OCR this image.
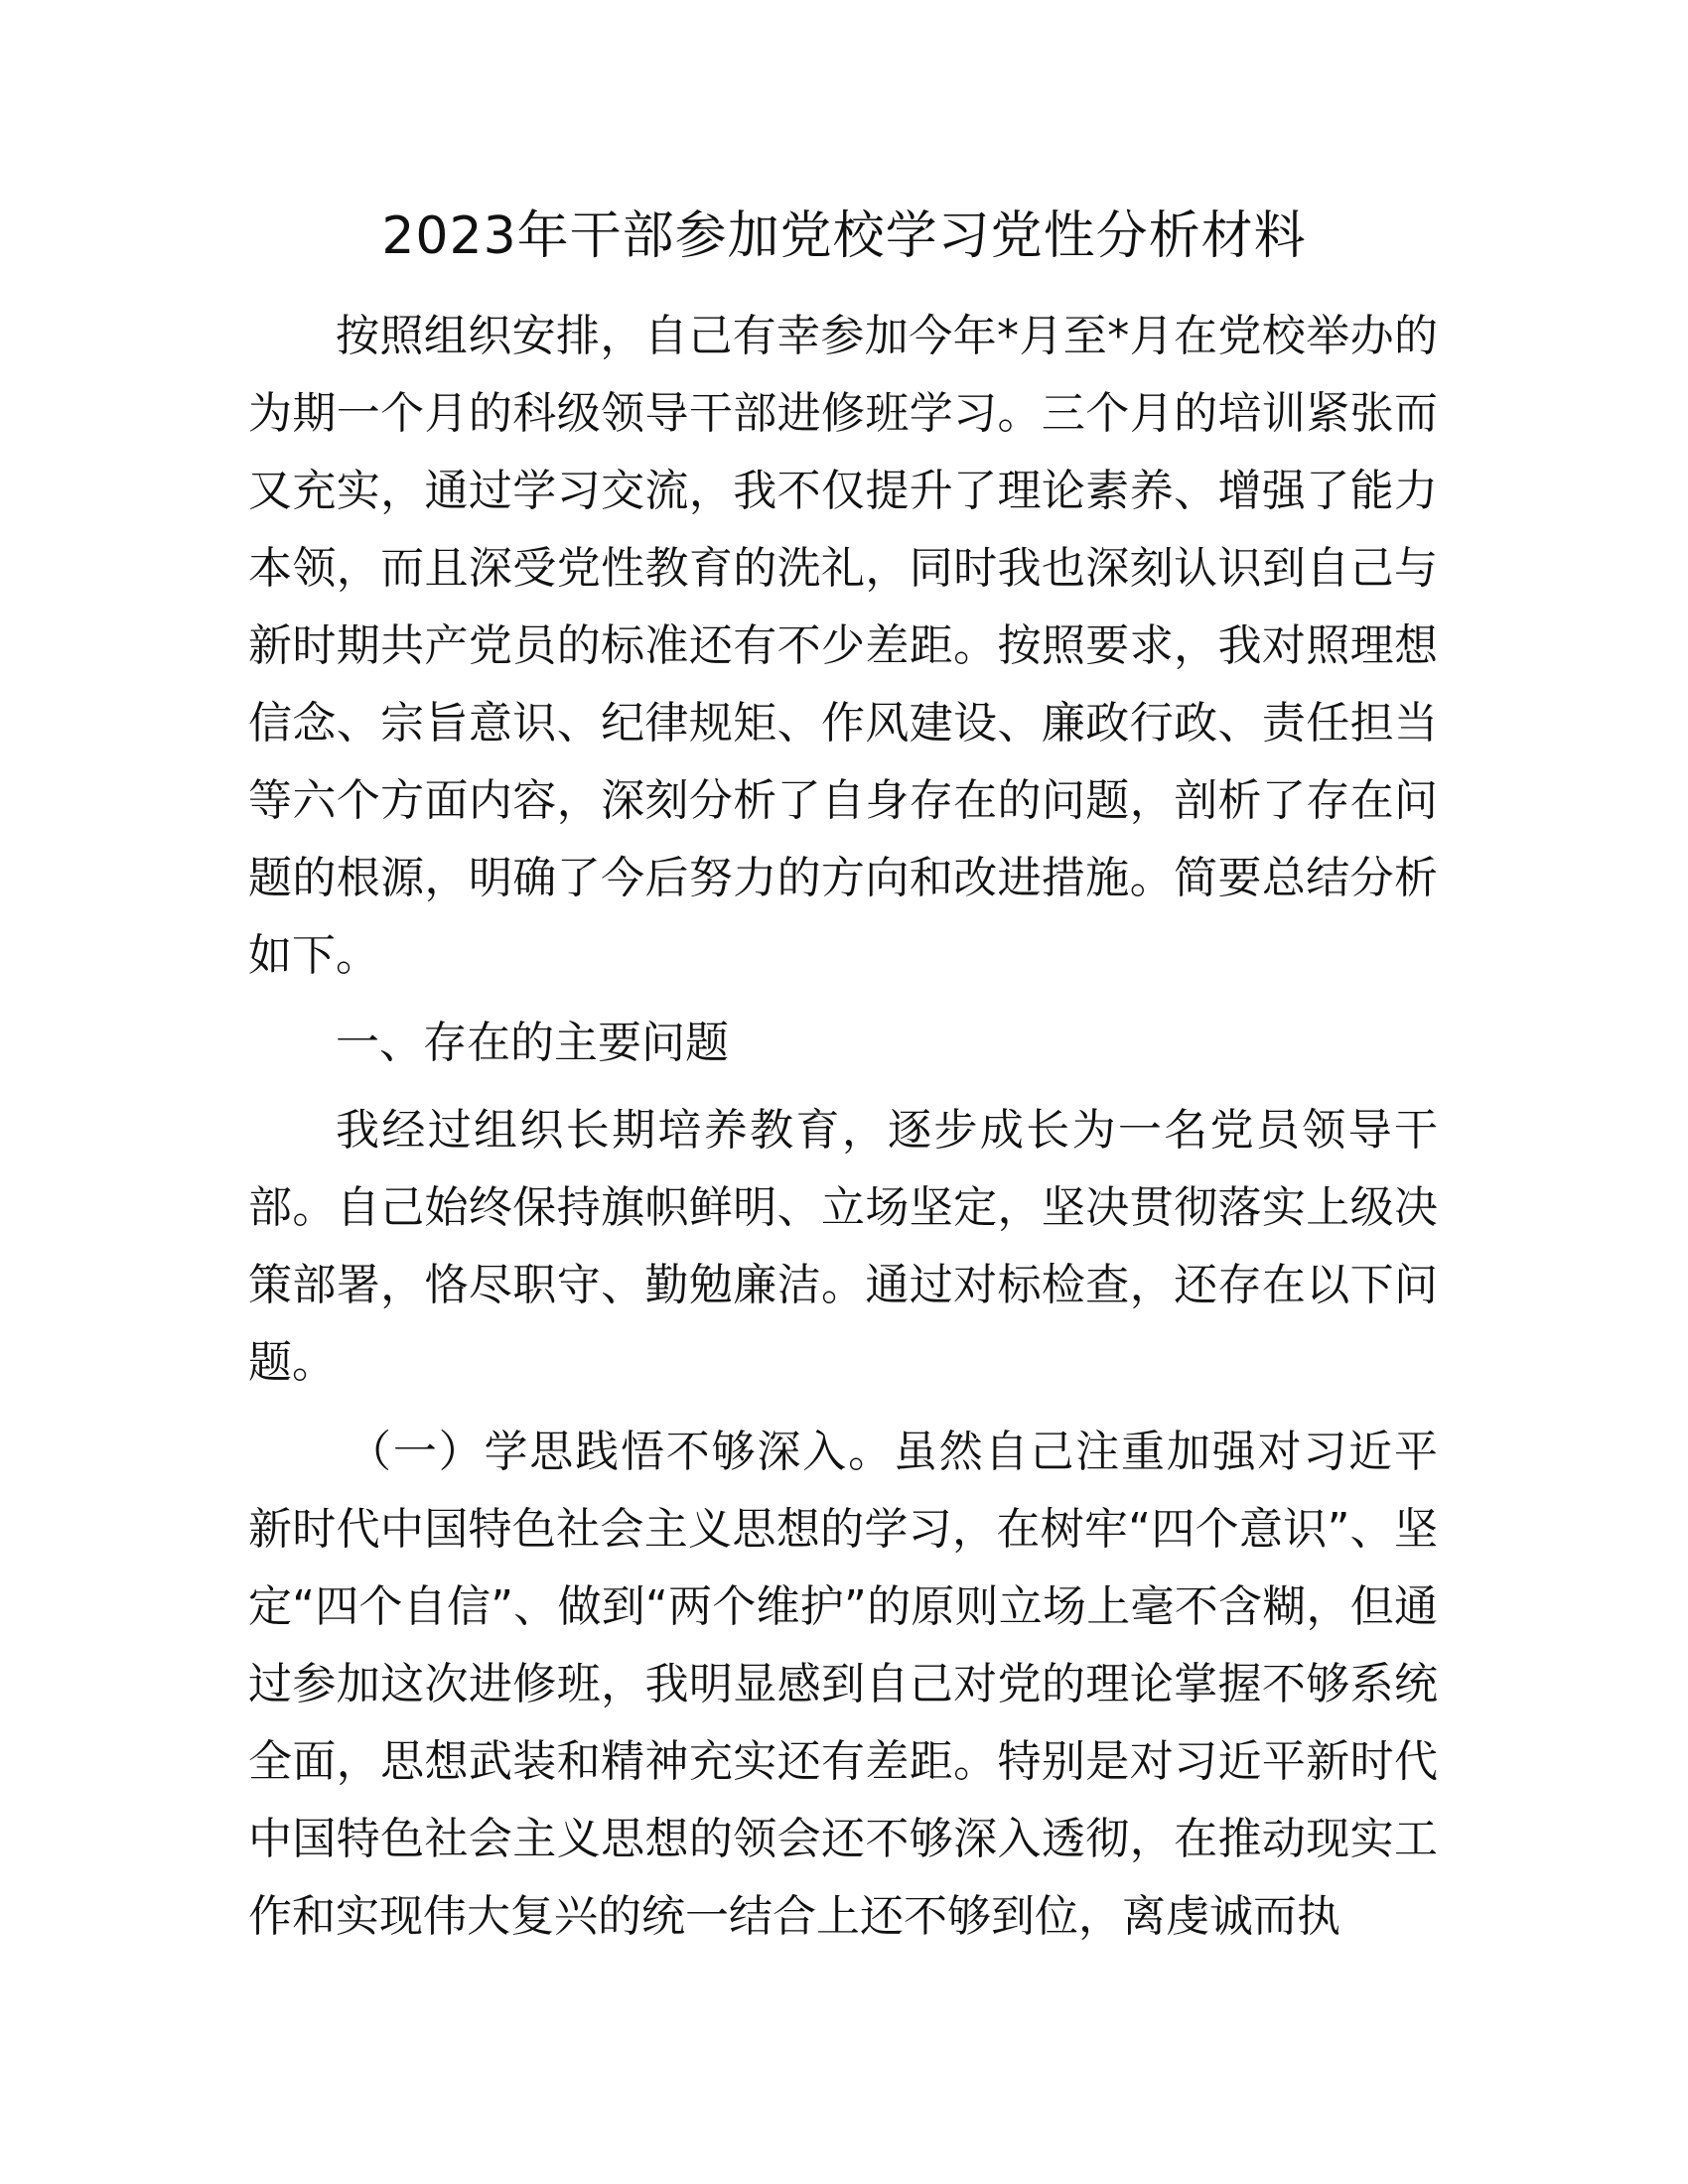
2023年干部参加党校学习党性分析材料

按照组织安排，自己有幸参加今年*月至*月在党校举办的为期一个月的科级领导干部进修班学习。三个月的培训紧张而又充实，通过学习交流，我不仅提升了理论素养、增强了能力本领，而且深受党性教育的洗礼，同时我也深刻认识到自己与新时期共产党员的标准还有不少差距。按照要求，我对照理想信念、宗旨意识、纪律规矩、作风建设、廉政行政、责任担当等六个方面内容，深刻分析了自身存在的问题，剖析了存在问题的根源，明确了今后努力的方向和改进措施。简要总结分析如下。

一、存在的主要问题

我经过组织长期培养教育，逐步成长为一名党员领导干部。自己始终保持旗帜鲜明、立场坚定，坚决贯彻落实上级决策部署，恪尽职守、勤勉廉洁。通过对标检查，还存在以下问题。

（一）学思践悟不够深入。虽然自己注重加强对习近平新时代中国特色社会主义思想的学习，在树牢“四个意识”、坚定“四个自信”、做到“两个维护”的原则立场上毫不含糊，但通过参加这次进修班，我明显感到自己对党的理论掌握不够系统全面，思想武装和精神充实还有差距。特别是对习近平新时代中国特色社会主义思想的领会还不够深入透彻，在推动现实工作和实现伟大复兴的统一结合上还不够到位，离虔诚而执
